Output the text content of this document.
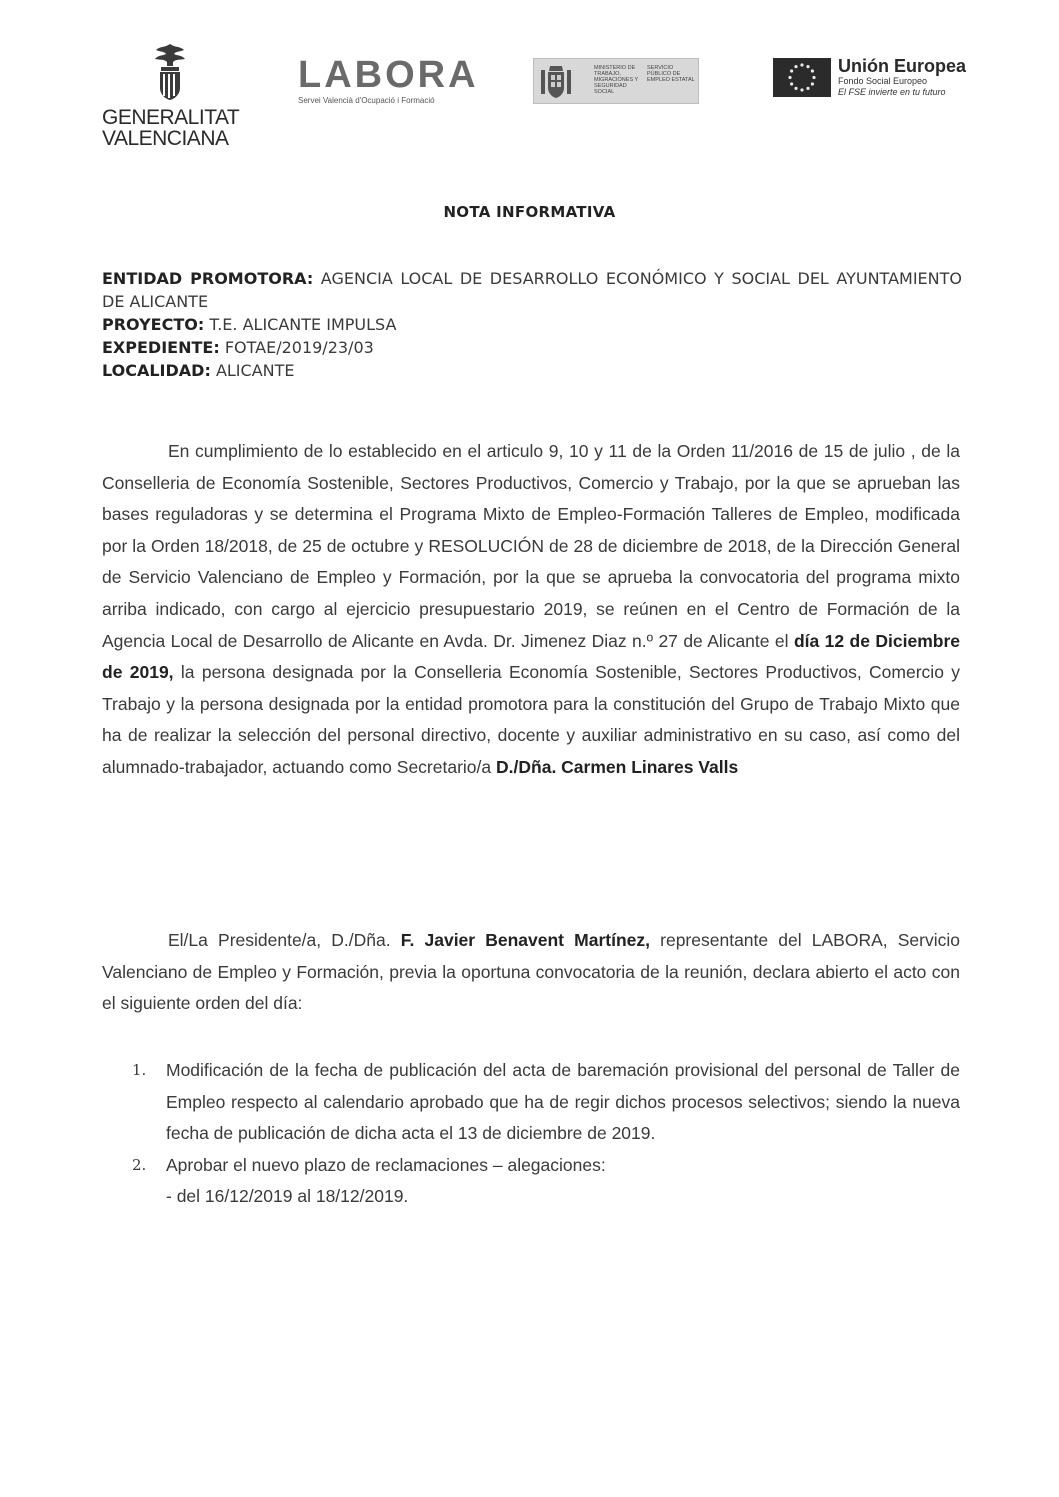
GENERALITAT
VALENCIANA
LABORA
Servei Valencià d'Ocupació i Formació
MINISTERIO DE TRABAJO, MIGRACIONES Y SEGURIDAD SOCIAL
SERVICIO PÚBLICO DE EMPLEO ESTATAL
Unión Europea
Fondo Social Europeo
El FSE invierte en tu futuro
NOTA INFORMATIVA
ENTIDAD PROMOTORA: AGENCIA LOCAL DE DESARROLLO ECONÓMICO Y SOCIAL DEL AYUNTAMIENTO DE ALICANTE
PROYECTO: T.E. ALICANTE IMPULSA
EXPEDIENTE: FOTAE/2019/23/03
LOCALIDAD: ALICANTE
En cumplimiento de lo establecido en el articulo 9, 10 y 11 de la Orden 11/2016 de 15 de julio , de la Conselleria de Economía Sostenible, Sectores Productivos, Comercio y Trabajo, por la que se aprueban las bases reguladoras y se determina el Programa Mixto de Empleo-Formación Talleres de Empleo, modificada por la Orden 18/2018, de 25 de octubre y RESOLUCIÓN de 28 de diciembre de 2018, de la Dirección General de Servicio Valenciano de Empleo y Formación, por la que se aprueba la convocatoria del programa mixto arriba indicado, con cargo al ejercicio presupuestario 2019, se reúnen en el Centro de Formación de la Agencia Local de Desarrollo de Alicante en Avda. Dr. Jimenez Diaz n.º 27 de Alicante el día 12 de Diciembre de 2019, la persona designada por la Conselleria Economía Sostenible, Sectores Productivos, Comercio y Trabajo y la persona designada por la entidad promotora para la constitución del Grupo de Trabajo Mixto que ha de realizar la selección del personal directivo, docente y auxiliar administrativo en su caso, así como del alumnado-trabajador, actuando como Secretario/a D./Dña. Carmen Linares Valls
El/La Presidente/a, D./Dña. F. Javier Benavent Martínez, representante del LABORA, Servicio Valenciano de Empleo y Formación, previa la oportuna convocatoria de la reunión, declara abierto el acto con el siguiente orden del día:
1. Modificación de la fecha de publicación del acta de baremación provisional del personal de Taller de Empleo respecto al calendario aprobado que ha de regir dichos procesos selectivos; siendo la nueva fecha de publicación de dicha acta el 13 de diciembre de 2019.
2. Aprobar el nuevo plazo de reclamaciones – alegaciones:
- del 16/12/2019 al 18/12/2019.
